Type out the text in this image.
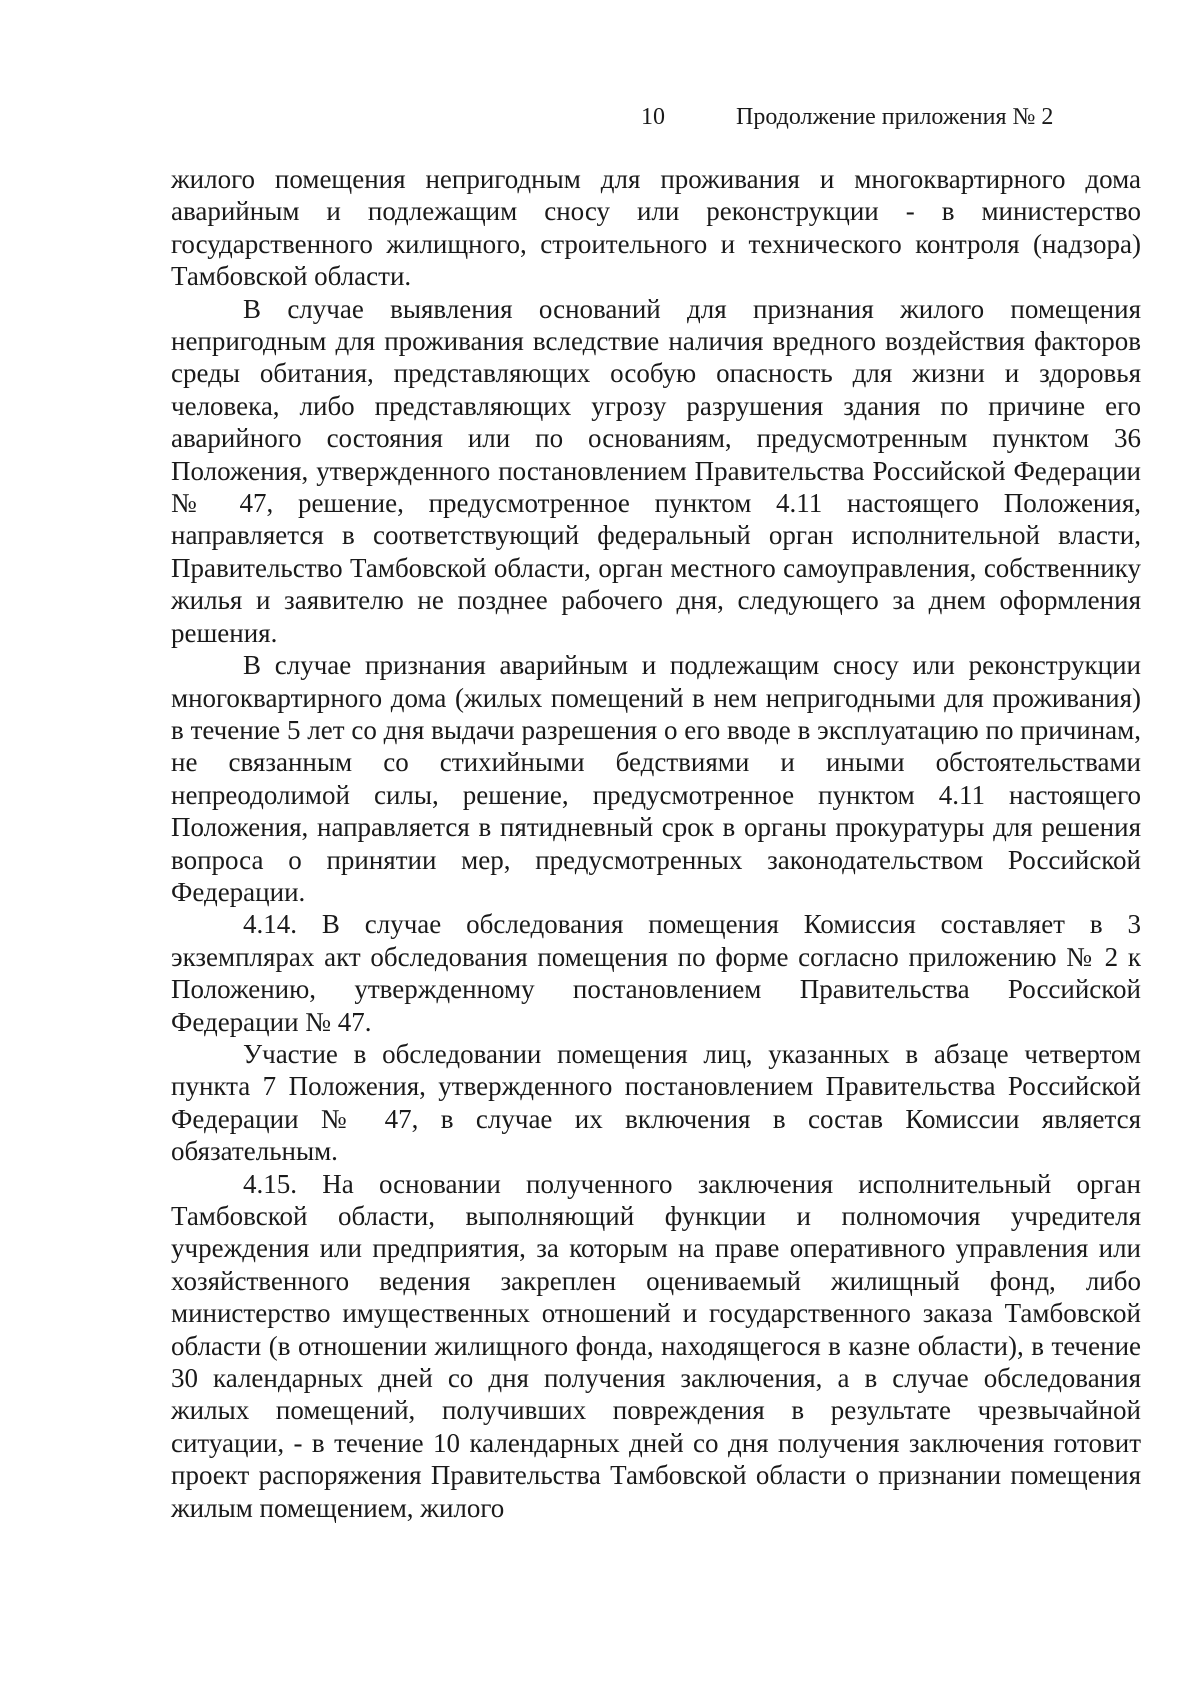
10	Продолжение приложения № 2

жилого помещения непригодным для проживания и многоквартирного дома аварийным и подлежащим сносу или реконструкции - в министерство государственного жилищного, строительного и технического контроля (надзора) Тамбовской области.

В случае выявления оснований для признания жилого помещения непригодным для проживания вследствие наличия вредного воздействия факторов среды обитания, представляющих особую опасность для жизни и здоровья человека, либо представляющих угрозу разрушения здания по причине его аварийного состояния или по основаниям, предусмотренным пунктом 36 Положения, утвержденного постановлением Правительства Российской Федерации № 47, решение, предусмотренное пунктом 4.11 настоящего Положения, направляется в соответствующий федеральный орган исполнительной власти, Правительство Тамбовской области, орган местного самоуправления, собственнику жилья и заявителю не позднее рабочего дня, следующего за днем оформления решения.

В случае признания аварийным и подлежащим сносу или реконструкции многоквартирного дома (жилых помещений в нем непригодными для проживания) в течение 5 лет со дня выдачи разрешения о его вводе в эксплуатацию по причинам, не связанным со стихийными бедствиями и иными обстоятельствами непреодолимой силы, решение, предусмотренное пунктом 4.11 настоящего Положения, направляется в пятидневный срок в органы прокуратуры для решения вопроса о принятии мер, предусмотренных законодательством Российской Федерации.

4.14. В случае обследования помещения Комиссия составляет в 3 экземплярах акт обследования помещения по форме согласно приложению № 2 к Положению, утвержденному постановлением Правительства Российской Федерации № 47.

Участие в обследовании помещения лиц, указанных в абзаце четвертом пункта 7 Положения, утвержденного постановлением Правительства Российской Федерации № 47, в случае их включения в состав Комиссии является обязательным.

4.15. На основании полученного заключения исполнительный орган Тамбовской области, выполняющий функции и полномочия учредителя учреждения или предприятия, за которым на праве оперативного управления или хозяйственного ведения закреплен оцениваемый жилищный фонд, либо министерство имущественных отношений и государственного заказа Тамбовской области (в отношении жилищного фонда, находящегося в казне области), в течение 30 календарных дней со дня получения заключения, а в случае обследования жилых помещений, получивших повреждения в результате чрезвычайной ситуации, - в течение 10 календарных дней со дня получения заключения готовит проект распоряжения Правительства Тамбовской области о признании помещения жилым помещением, жилого
